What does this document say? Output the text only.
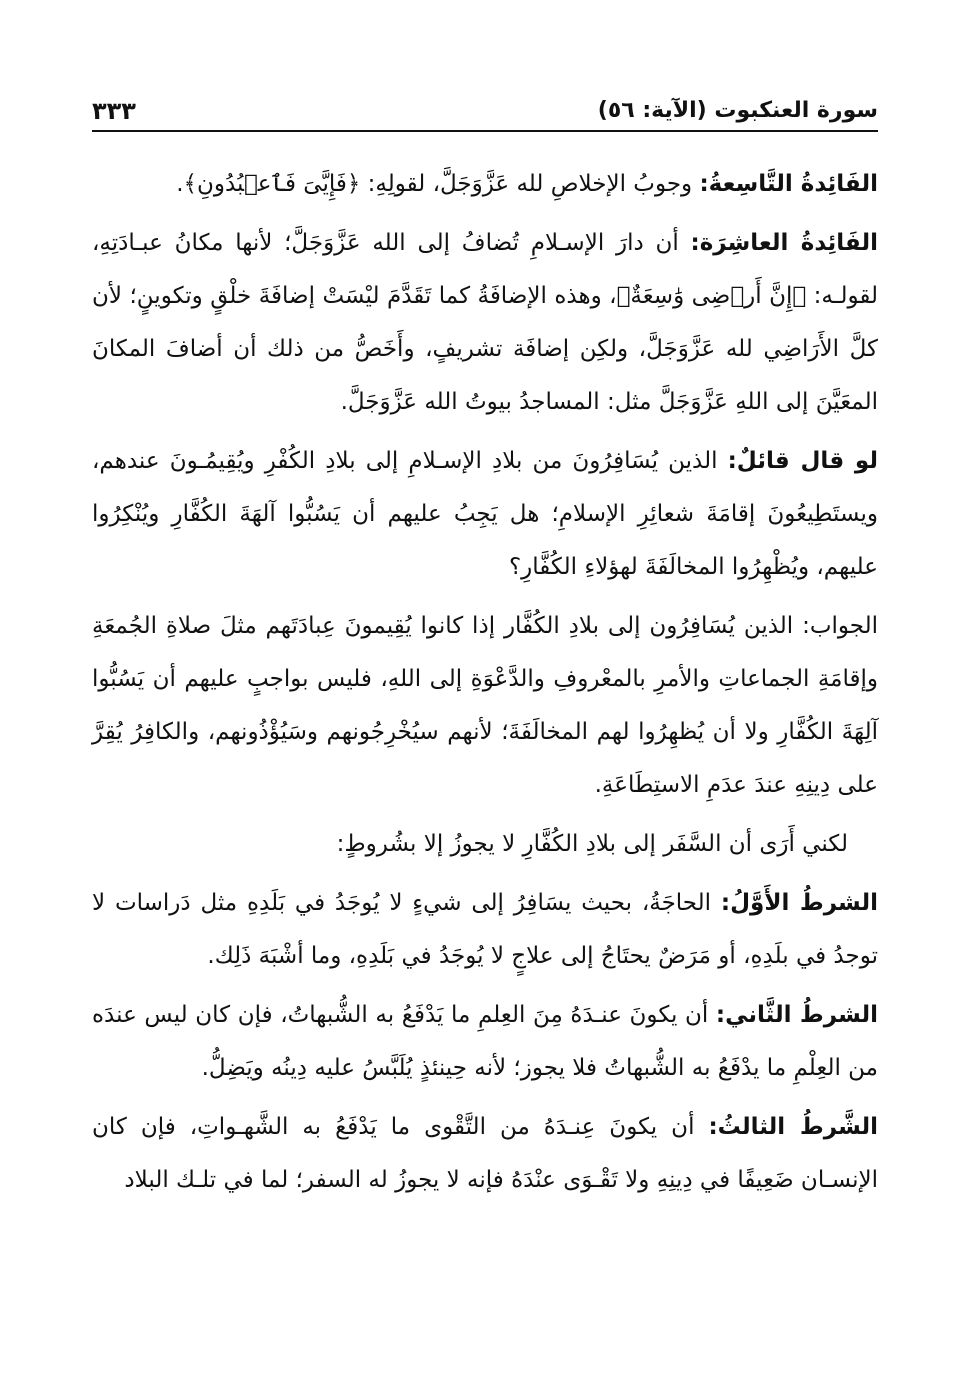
سورة العنكبوت (الآية: ٥٦)
٣٣٣

الفَائِدةُ التَّاسِعةُ: وجوبُ الإخلاصِ لله عَزَّوَجَلَّ، لقولِهِ: ﴿فَإِيَّىَ فَٱعۡبُدُونِ﴾.

الفَائِدةُ العاشِرَة: أن دارَ الإسـلامِ تُضافُ إلى الله عَزَّوَجَلَّ؛ لأنها مكانُ عبـادَتِهِ، لقولـه: ﴿إِنَّ أَرۡضِى وَٰسِعَةٌ﴾، وهذه الإضافَةُ كما تَقَدَّمَ ليْسَتْ إضافَةَ خلْقٍ وتكوينٍ؛ لأن كلَّ الأَرَاضِي لله عَزَّوَجَلَّ، ولكِن إضافَة تشريفٍ، وأَخَصُّ من ذلك أن أضافَ المكانَ المعَيَّنَ إلى اللهِ عَزَّوَجَلَّ مثل: المساجدُ بيوتُ الله عَزَّوَجَلَّ.

لو قال قائلٌ: الذين يُسَافِرُونَ من بلادِ الإسـلامِ إلى بلادِ الكُفْرِ ويُقِيمُـونَ عندهم، ويستَطِيعُونَ إقامَةَ شعائِرِ الإسلامِ؛ هل يَجِبُ عليهم أن يَسُبُّوا آلهَةَ الكُفَّارِ ويُنْكِرُوا عليهم، ويُظْهِرُوا المخالَفَةَ لهؤلاءِ الكُفَّارِ؟

الجواب: الذين يُسَافِرُون إلى بلادِ الكُفَّار إذا كانوا يُقِيمونَ عِبادَتَهم مثلَ صلاةِ الجُمعَةِ وإقامَةِ الجماعاتِ والأمرِ بالمعْروفِ والدَّعْوَةِ إلى اللهِ، فليس بواجبٍ عليهم أن يَسُبُّوا آلِهَةَ الكُفَّارِ ولا أن يُظهِرُوا لهم المخالَفَةَ؛ لأنهم سيُخْرِجُونهم وسَيُؤْذُونهم، والكافِرُ يُقِرَّ على دِينِهِ عندَ عدَمِ الاستِطَاعَةِ.

لكني أَرَى أن السَّفَر إلى بلادِ الكُفَّارِ لا يجوزُ إلا بشُروطٍ:

الشرطُ الأَوَّلُ: الحاجَةُ، بحيث يسَافِرُ إلى شيءٍ لا يُوجَدُ في بَلَدِهِ مثل دَراسات لا توجدُ في بلَدِهِ، أو مَرَضٌ يحتَاجُ إلى علاجٍ لا يُوجَدُ في بَلَدِهِ، وما أشْبَهَ ذَلِك.

الشرطُ الثَّاني: أن يكونَ عنـدَهُ مِنَ العِلمِ ما يَدْفَعُ به الشُّبهاتُ، فإن كان ليس عندَه من العِلْمِ ما يدْفَعُ به الشُّبهاتُ فلا يجوز؛ لأنه حِينئذٍ يُلَبَّسُ عليه دِينُه ويَضِلُّ.

الشَّرطُ الثالثُ: أن يكونَ عِنـدَهُ من التَّقْوى ما يَدْفَعُ به الشَّهـواتِ، فإن كان الإنسـان ضَعِيفًا في دِينِهِ ولا تَقْـوَى عنْدَهُ فإنه لا يجوزُ له السفر؛ لما في تلـك البلاد
